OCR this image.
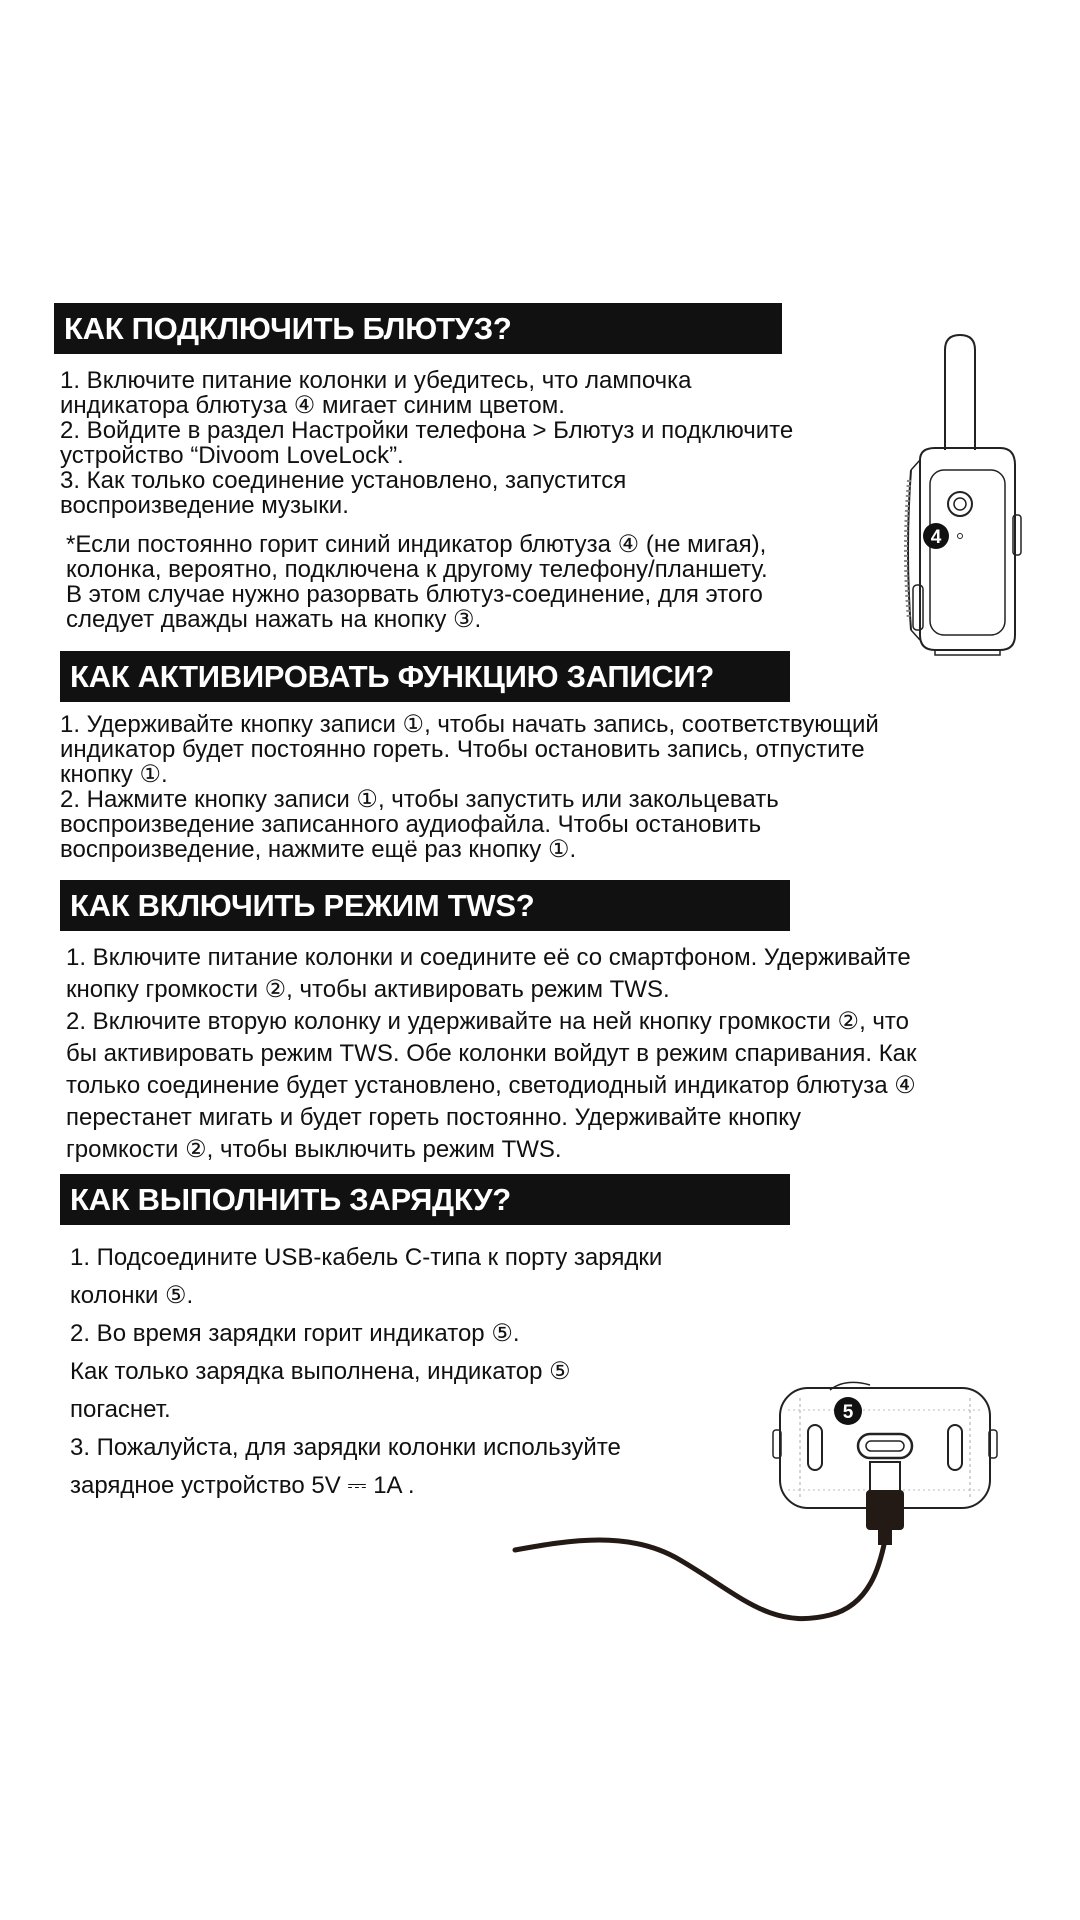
КАК ПОДКЛЮЧИТЬ БЛЮТУЗ?
1. Включите питание колонки и убедитесь, что лампочка
индикатора блютуза ④ мигает синим цветом.
2. Войдите в раздел Настройки телефона > Блютуз и подключите
устройство “Divoom LoveLock”.
3. Как только соединение установлено, запустится
воспроизведение музыки.
*Если постоянно горит синий индикатор блютуза ④ (не мигая),
колонка, вероятно, подключена к другому телефону/планшету.
В этом случае нужно разорвать блютуз-соединение, для этого
следует дважды нажать на кнопку ③.
4
КАК АКТИВИРОВАТЬ ФУНКЦИЮ ЗАПИСИ?
1. Удерживайте кнопку записи ①, чтобы начать запись, соответствующий
индикатор будет постоянно гореть. Чтобы остановить запись, отпустите
кнопку ①.
2. Нажмите кнопку записи ①, чтобы запустить или закольцевать
воспроизведение записанного аудиофайла. Чтобы остановить
воспроизведение, нажмите ещё раз кнопку ①.
КАК ВКЛЮЧИТЬ РЕЖИМ TWS?
1. Включите питание колонки и соедините её со смартфоном. Удерживайте
кнопку громкости ②, чтобы активировать режим TWS.
2. Включите вторую колонку и удерживайте на ней кнопку громкости ②, что
бы активировать режим TWS. Обе колонки войдут в режим спаривания. Как
только соединение будет установлено, светодиодный индикатор блютуза ④
перестанет мигать и будет гореть постоянно. Удерживайте кнопку
громкости ②, чтобы выключить режим TWS.
КАК ВЫПОЛНИТЬ ЗАРЯДКУ?
1. Подсоедините USB-кабель C-типа к порту зарядки
колонки ⑤.
2. Во время зарядки горит индикатор ⑤.
Как только зарядка выполнена, индикатор ⑤
погаснет.
3. Пожалуйста, для зарядки колонки используйте
зарядное устройство 5V ⎓ 1A .
5
